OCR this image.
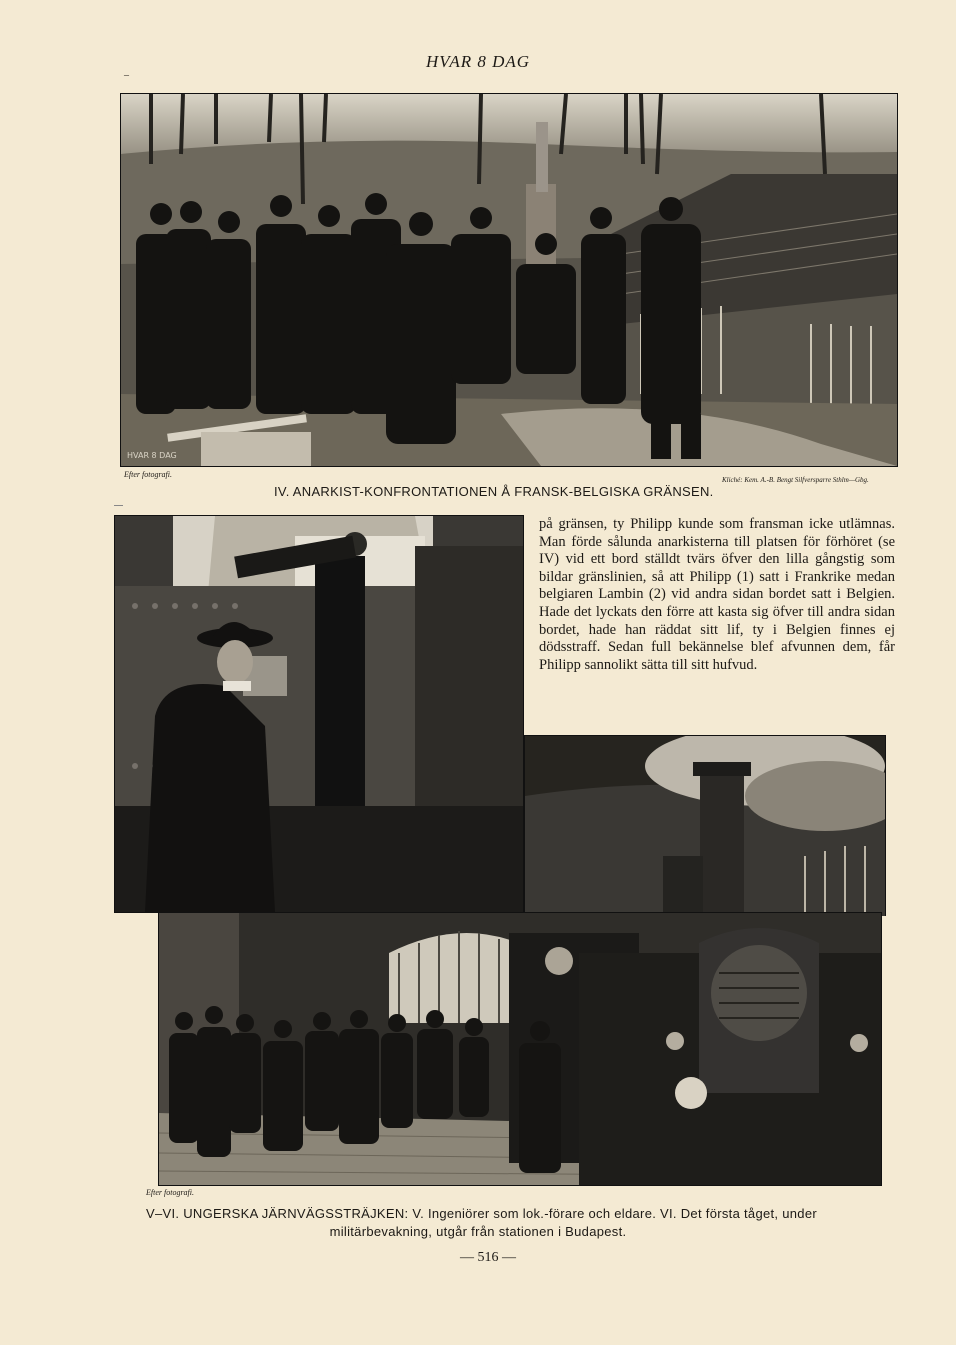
HVAR 8 DAG
–
HVAR 8 DAG
Efter fotografi.
Kliché: Kem. A.-B. Bengt Silfversparre Sthlm—Gbg.
IV. ANARKIST-KONFRONTATIONEN Å FRANSK-BELGISKA GRÄNSEN.
på gränsen, ty Philipp kunde som fransman icke utlämnas. Man förde sålunda anarkisterna till platsen för förhöret (se IV) vid ett bord ställdt tvärs öfver den lilla gångstig som bildar gränslinien, så att Philipp (1) satt i Frankrike medan belgiaren Lambin (2) vid andra sidan bordet satt i Belgien. Hade det lyckats den förre att kasta sig öfver till andra sidan bordet, hade han räddat sitt lif, ty i Belgien finnes ej dödsstraff. Sedan full bekännelse blef afvunnen dem, får Philipp sannolikt sätta till sitt hufvud.
Efter fotografi.
V–VI. UNGERSKA JÄRNVÄGSSTRÄJKEN: V. Ingeniörer som lok.-förare och eldare. VI. Det första tåget, under
militärbevakning, utgår från stationen i Budapest.
— 516 —
